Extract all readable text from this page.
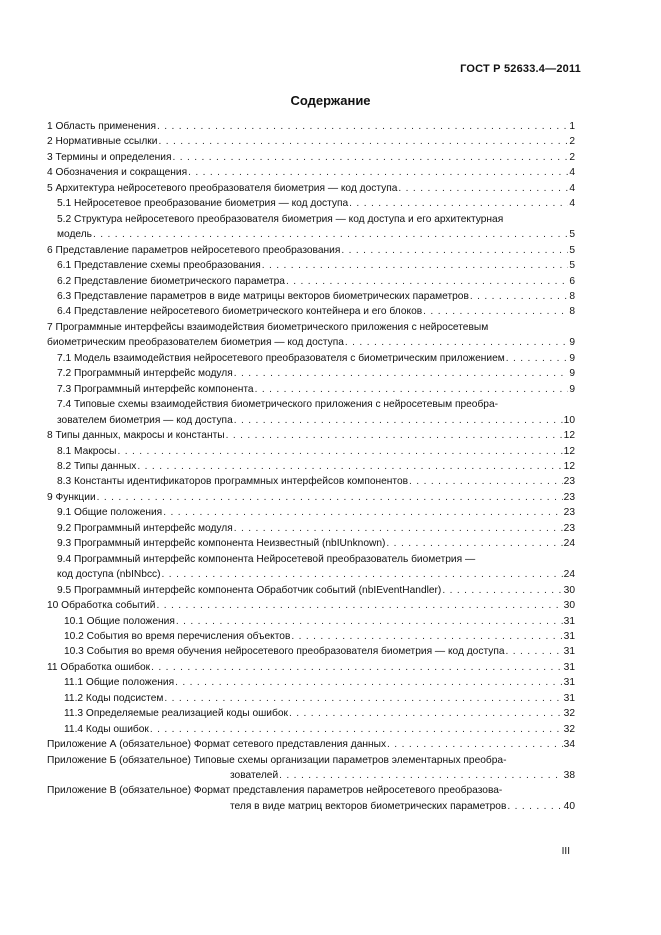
ГОСТ Р 52633.4—2011
Содержание
1 Область применения . . .	1
2 Нормативные ссылки . . .	2
3 Термины и определения . . .	2
4 Обозначения и сокращения . . .	4
5 Архитектура нейросетевого преобразователя биометрия — код доступа . . .	4
5.1 Нейросетевое преобразование биометрия — код доступа . . .	4
5.2 Структура нейросетевого преобразователя биометрия — код доступа и его архитектурная
модель . . .	5
6 Представление параметров нейросетевого преобразования . . .	5
6.1 Представление схемы преобразования . . .	5
6.2 Представление биометрического параметра . . .	6
6.3 Представление параметров в виде матрицы векторов биометрических параметров . . .	8
6.4 Представление нейросетевого биометрического контейнера и его блоков . . .	8
7 Программные интерфейсы взаимодействия биометрического приложения с нейросетевым
биометрическим преобразователем биометрия — код доступа . . .	9
7.1 Модель взаимодействия нейросетевого преобразователя с биометрическим приложением . . .	9
7.2 Программный интерфейс модуля . . .	9
7.3 Программный интерфейс компонента . . .	9
7.4 Типовые схемы взаимодействия биометрического приложения с нейросетевым преобра-
зователем биометрия — код доступа . . .	10
8 Типы данных, макросы и константы . . .	12
8.1 Макросы . . .	12
8.2 Типы данных . . .	12
8.3 Константы идентификаторов программных интерфейсов компонентов . . .	23
9 Функции . . .	23
9.1 Общие положения . . .	23
9.2 Программный интерфейс модуля . . .	23
9.3 Программный интерфейс компонента Неизвестный (nbIUnknown) . . .	24
9.4 Программный интерфейс компонента Нейросетевой преобразователь биометрия —
код доступа (nbINbcc) . . .	24
9.5 Программный интерфейс компонента Обработчик событий (nbIEventHandler) . . .	30
10 Обработка событий . . .	30
10.1 Общие положения . . .	31
10.2 События во время перечисления объектов . . .	31
10.3 События во время обучения нейросетевого преобразователя биометрия — код доступа . . .	31
11 Обработка ошибок . . .	31
11.1 Общие положения . . .	31
11.2 Коды подсистем . . .	31
11.3 Определяемые реализацией коды ошибок . . .	32
11.4 Коды ошибок . . .	32
Приложение А (обязательное) Формат сетевого представления данных . . .	34
Приложение Б (обязательное) Типовые схемы организации параметров элементарных преобра-
зователей . . .	38
Приложение В (обязательное) Формат представления параметров нейросетевого преобразова-
теля в виде матриц векторов биометрических параметров . . .	40
III
